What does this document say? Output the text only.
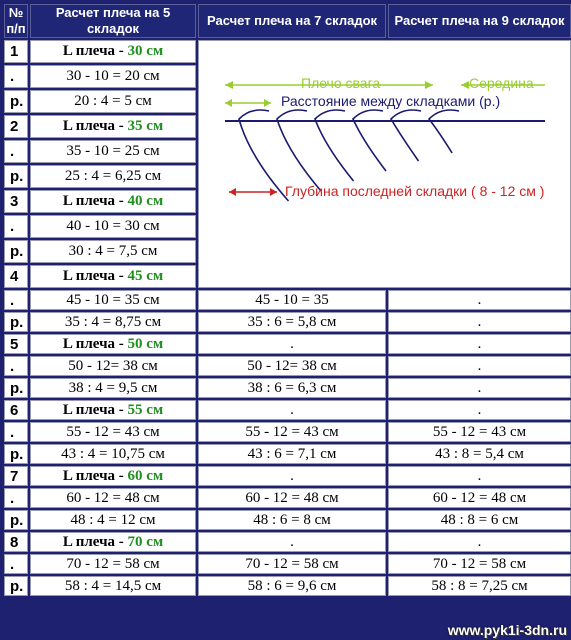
№ п/п	Расчет плеча на 5 складок	Расчет плеча на 7 складок	Расчет плеча на 9 складок
1	L плеча - 30 см	Плечо свага Середина
Расстояние между складками (р.)
Глубина последней складки ( 8 - 12 см )	

.	30 - 10 = 20 см		
р.	20 : 4 = 5 см		
2	L плеча - 35 см		
.	35 - 10 = 25 см		
р.	25 : 4 = 6,25 см		
3	L плеча - 40 см		
.	40 - 10 = 30 см		
р.	30 : 4 = 7,5 см		
4	L плеча - 45 см		
.	45 - 10 = 35 см	45 - 10 = 35	.
р.	35 : 4 = 8,75 см	35 : 6 = 5,8 см	.
5	L плеча - 50 см	.	.
.	50 - 12= 38 см	50 - 12= 38 см	.
р.	38 : 4 = 9,5 см	38 : 6 = 6,3 см	.
6	L плеча - 55 см	.	.
.	55 - 12 = 43 см	55 - 12 = 43 см	55 - 12 = 43 см
р.	43 : 4 = 10,75 см	43 : 6 = 7,1 см	43 : 8 = 5,4 см
7	L плеча - 60 см	.	.
.	60 - 12 = 48 см	60 - 12 = 48 см	60 - 12 = 48 см
р.	48 : 4 = 12 см	48 : 6 = 8 см	48 : 8 = 6 см
8	L плеча - 70 см	.	.
.	70 - 12 = 58 см	70 - 12 = 58 см	70 - 12 = 58 см
р.	58 : 4 = 14,5 см	58 : 6 = 9,6 см	58 : 8 = 7,25 см
www.pyk1i-3dn.ru
